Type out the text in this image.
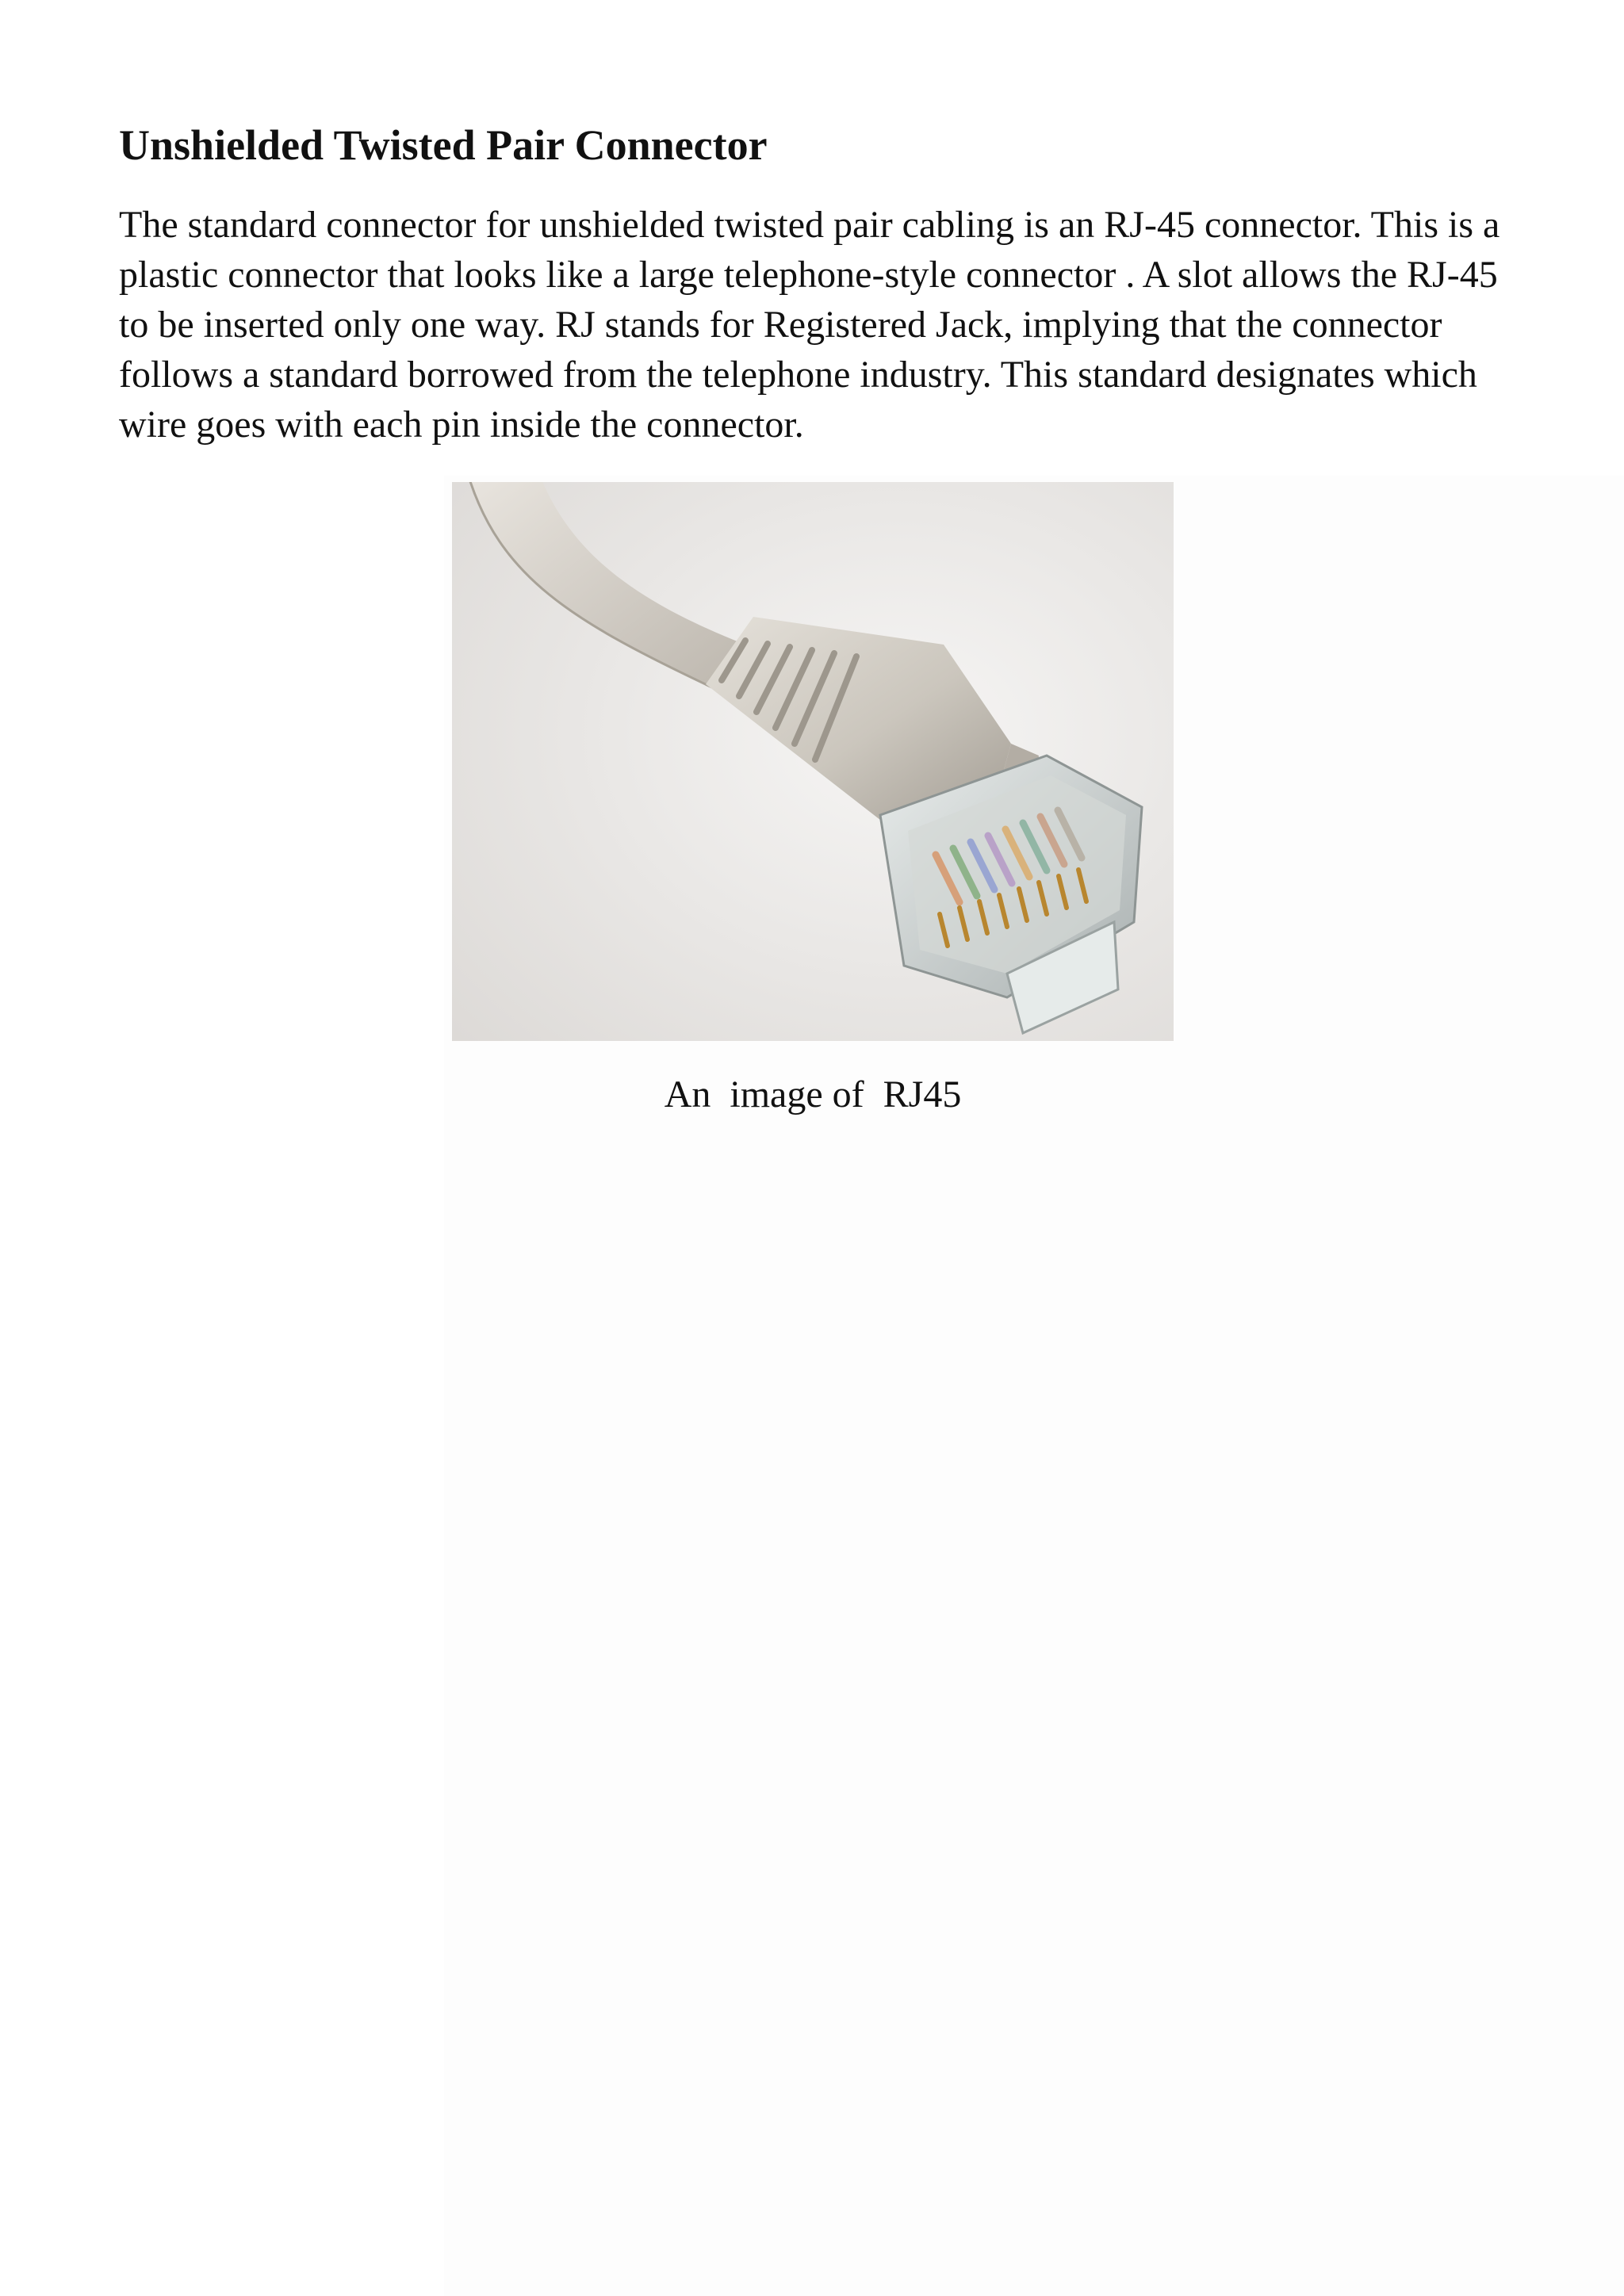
Unshielded Twisted Pair Connector

The standard connector for unshielded twisted pair cabling is an RJ-45 connector. This is a
plastic connector that looks like a large telephone-style connector . A slot allows the RJ-45
to be inserted only one way. RJ stands for Registered Jack, implying that the connector
follows a standard borrowed from the telephone industry. This standard designates which
wire goes with each pin inside the connector.

An  image of  RJ45
